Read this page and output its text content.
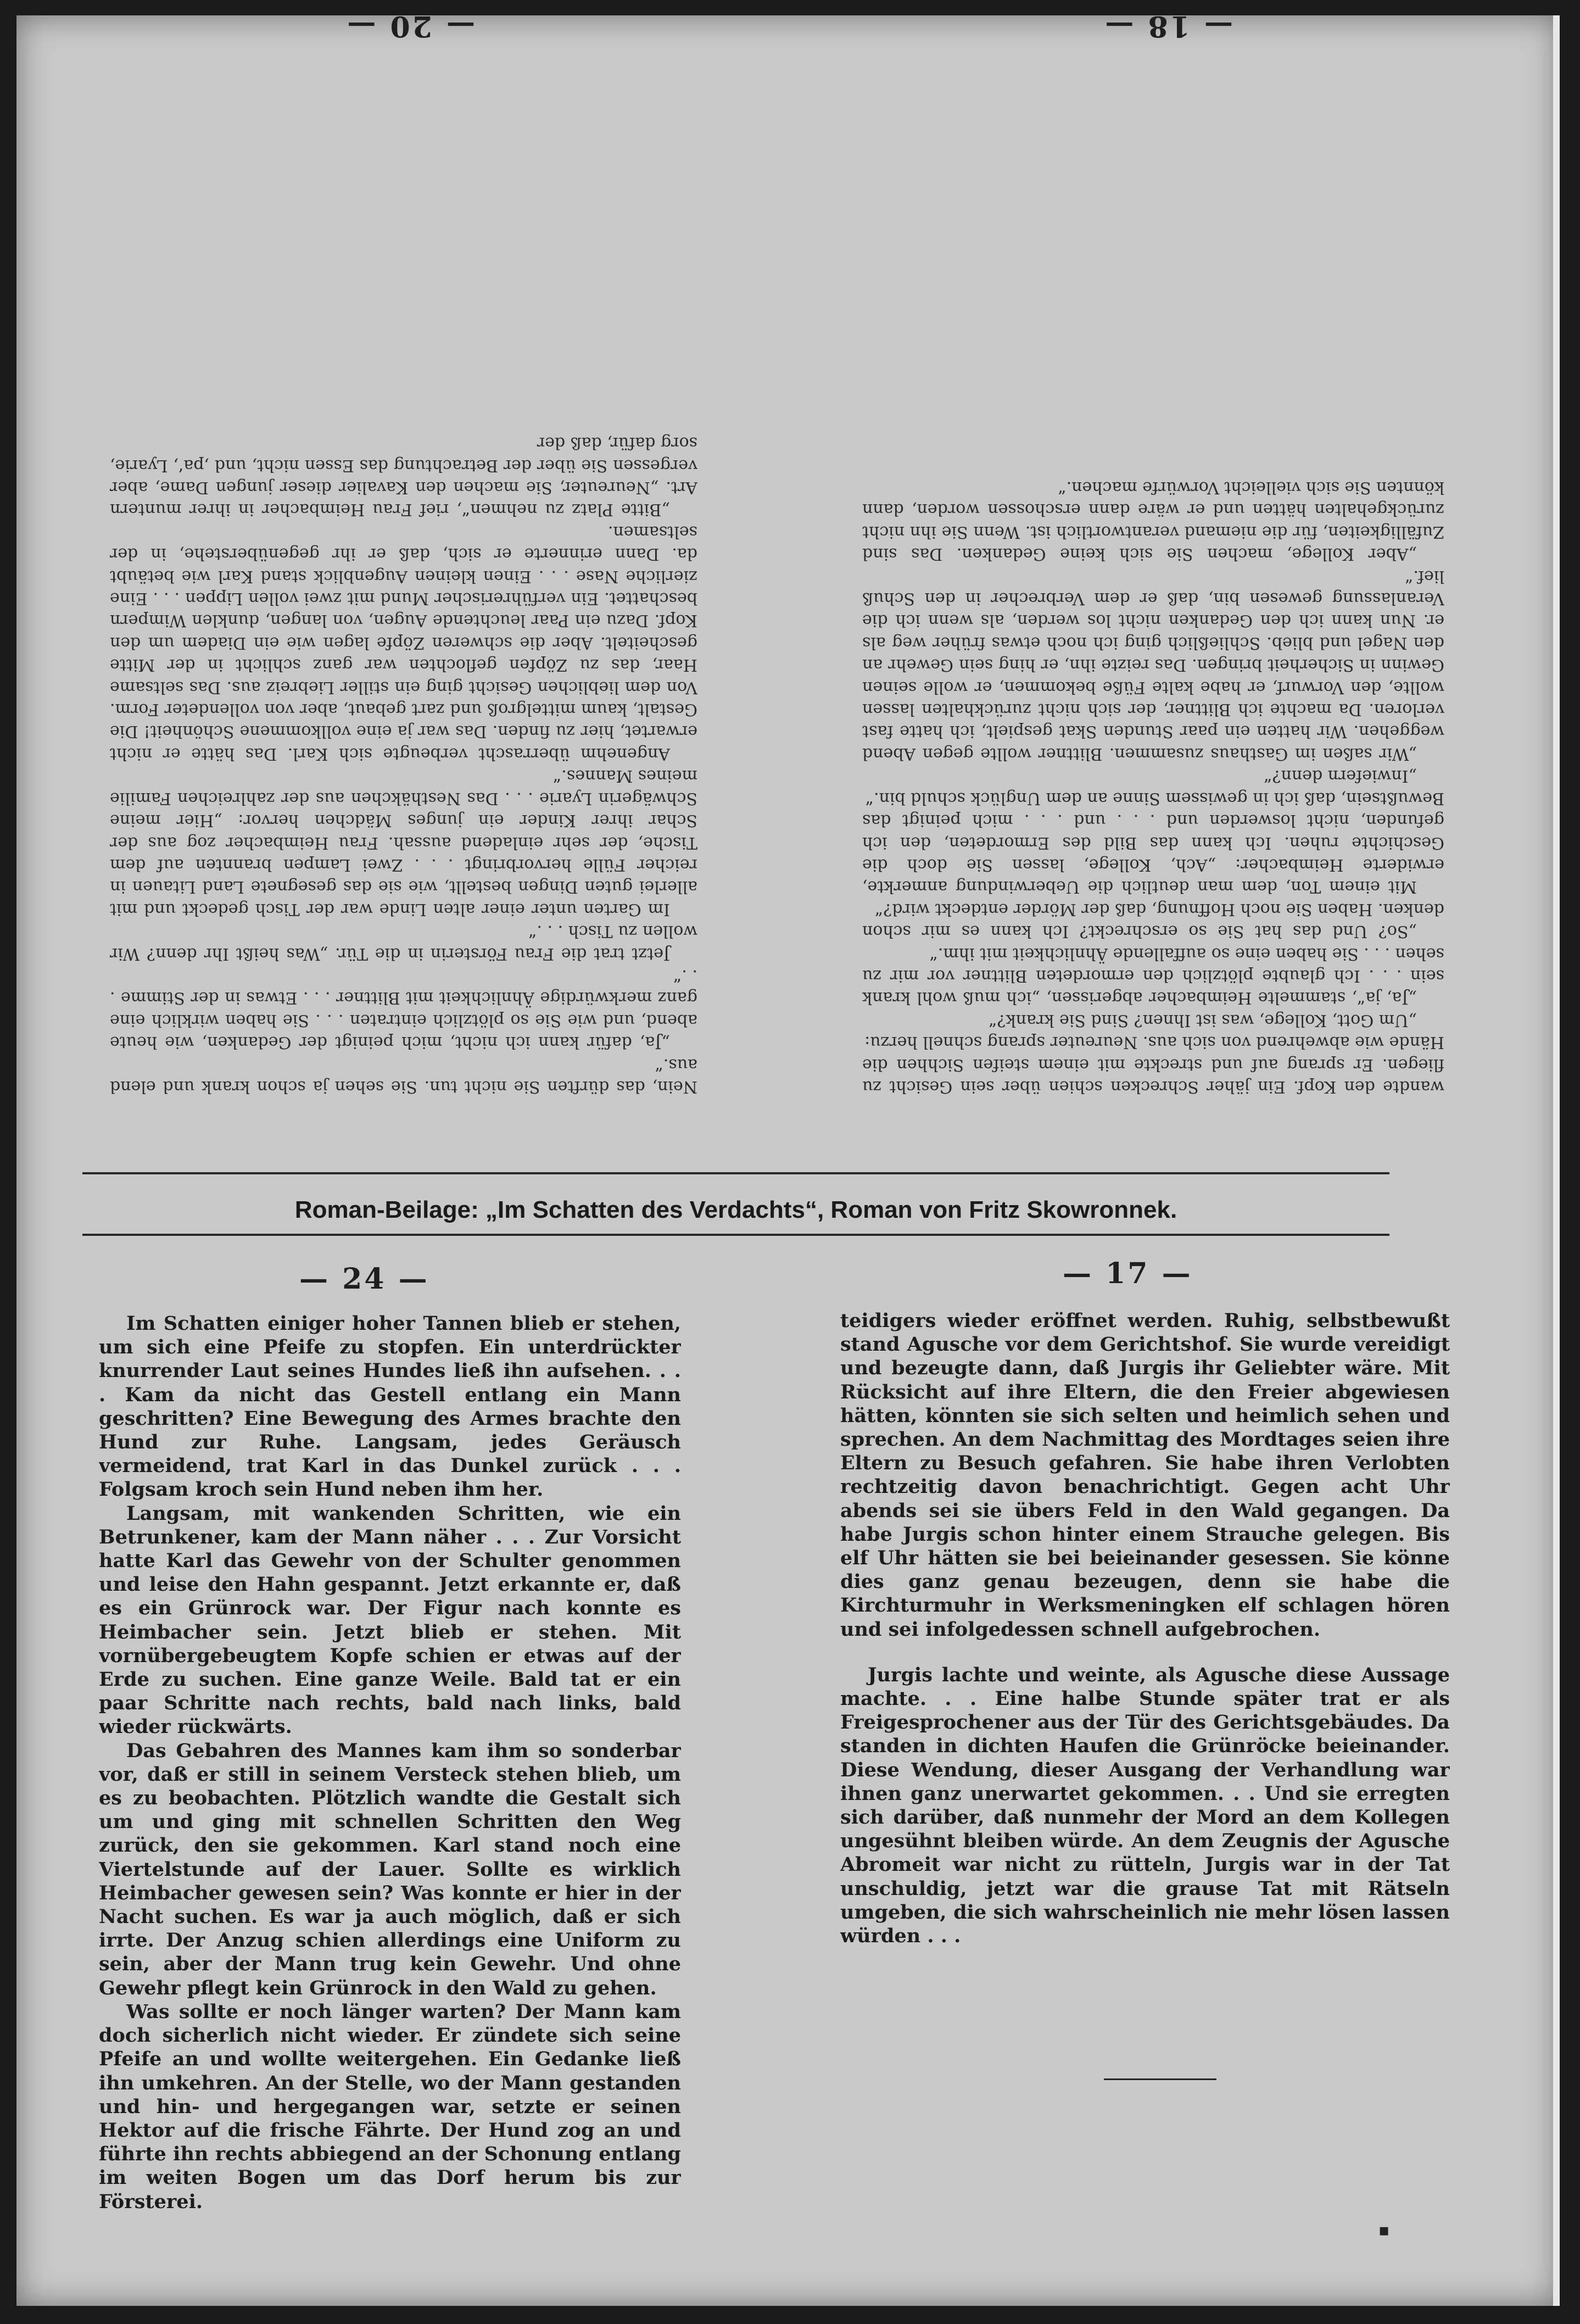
— 18 —
— 20 —

wandte den Kopf. Ein jäher Schrecken schien über sein Gesicht zu fliegen. Er sprang auf und streckte mit einem steifen Sichhen die Hände wie abwehrend von sich aus. Neureuter sprang schnell herzu:

„Um Gott, Kollege, was ist Ihnen? Sind Sie krank?“

„Ja, ja“, stammelte Heimbacher abgerissen, „ich muß wohl krank sein . . . Ich glaubte plötzlich den ermordeten Blittner vor mir zu sehen . . . Sie haben eine so auffallende Ähnlichkeit mit ihm.“

„So? Und das hat Sie so erschreckt? Ich kann es mir schon denken. Haben Sie noch Hoffnung, daß der Mörder entdeckt wird?“

Mit einem Ton, dem man deutlich die Ueberwindung anmerkte, erwiderte Heimbacher: „Ach, Kollege, lassen Sie doch die Geschichte ruhen. Ich kann das Bild des Ermordeten, den ich gefunden, nicht loswerden und . . . und . . . mich peinigt das Bewußtsein, daß ich in gewissem Sinne an dem Unglück schuld bin.“

„Inwiefern denn?“

„Wir saßen im Gasthaus zusammen. Blittner wollte gegen Abend weggehen. Wir hatten ein paar Stunden Skat gespielt, ich hatte fast verloren. Da machte ich Blittner, der sich nicht zurückhalten lassen wollte, den Vorwurf, er habe kalte Füße bekommen, er wolle seinen Gewinn in Sicherheit bringen. Das reizte ihn, er hing sein Gewehr an den Nagel und blieb. Schließlich ging ich noch etwas früher weg als er. Nun kann ich den Gedanken nicht los werden, als wenn ich die Veranlassung gewesen bin, daß er dem Verbrecher in den Schuß lief.“

„Aber Kollege, machen Sie sich keine Gedanken. Das sind Zufälligkeiten, für die niemand verantwortlich ist. Wenn Sie ihn nicht zurückgehalten hätten und er wäre dann erschossen worden, dann könnten Sie sich vielleicht Vorwürfe machen.“

Nein, das dürften Sie nicht tun. Sie sehen ja schon krank und elend aus.“

„Ja, dafür kann ich nicht, mich peinigt der Gedanken, wie heute abend, und wie Sie so plötzlich eintraten . . . Sie haben wirklich eine ganz merkwürdige Ähnlichkeit mit Blittner . . . Etwas in der Stimme . . .“

Jetzt trat die Frau Försterin in die Tür. „Was heißt Ihr denn? Wir wollen zu Tisch . . .“

Im Garten unter einer alten Linde war der Tisch gedeckt und mit allerlei guten Dingen bestellt, wie sie das gesegnete Land Litauen in reicher Fülle hervorbringt . . . Zwei Lampen brannten auf dem Tische, der sehr einladend aussah. Frau Heimbacher zog aus der Schar ihrer Kinder ein junges Mädchen hervor: „Hier meine Schwägerin Lyarie . . . Das Nesthäkchen aus der zahlreichen Familie meines Mannes.“

Angenehm überrascht verbeugte sich Karl. Das hätte er nicht erwartet, hier zu finden. Das war ja eine vollkommene Schönheit! Die Gestalt, kaum mittelgroß und zart gebaut, aber von vollendeter Form. Von dem lieblichen Gesicht ging ein stiller Liebreiz aus. Das seltsame Haar, das zu Zöpfen geflochten war ganz schlicht in der Mitte gescheitelt. Aber die schweren Zöpfe lagen wie ein Diadem um den Kopf. Dazu ein Paar leuchtende Augen, von langen, dunklen Wimpern beschattet. Ein verführerischer Mund mit zwei vollen Lippen . . . Eine zierliche Nase . . . Einen kleinen Augenblick stand Karl wie betäubt da. Dann erinnerte er sich, daß er ihr gegenüberstehe, in der seltsamen.

„Bitte Platz zu nehmen“, rief Frau Heimbacher in ihrer muntern Art. „Neureuter, Sie machen den Kavalier dieser jungen Dame, aber vergessen Sie über der Betrachtung das Essen nicht, und ‚pa‘, Lyarie, sorg dafür, daß der

Roman-Beilage: „Im Schatten des Verdachts“, Roman von Fritz Skowronnek.
— 24 —	— 17 —

Im Schatten einiger hoher Tannen blieb er stehen, um sich eine Pfeife zu stopfen. Ein unterdrückter knurrender Laut seines Hundes ließ ihn aufsehen. . . . Kam da nicht das Gestell entlang ein Mann geschritten? Eine Bewegung des Armes brachte den Hund zur Ruhe. Langsam, jedes Geräusch vermeidend, trat Karl in das Dunkel zurück . . . Folgsam kroch sein Hund neben ihm her.

Langsam, mit wankenden Schritten, wie ein Betrunkener, kam der Mann näher . . . Zur Vorsicht hatte Karl das Gewehr von der Schulter genommen und leise den Hahn gespannt. Jetzt erkannte er, daß es ein Grünrock war. Der Figur nach konnte es Heimbacher sein. Jetzt blieb er stehen. Mit vornübergebeugtem Kopfe schien er etwas auf der Erde zu suchen. Eine ganze Weile. Bald tat er ein paar Schritte nach rechts, bald nach links, bald wieder rückwärts.

Das Gebahren des Mannes kam ihm so sonderbar vor, daß er still in seinem Versteck stehen blieb, um es zu beobachten. Plötzlich wandte die Gestalt sich um und ging mit schnellen Schritten den Weg zurück, den sie gekommen. Karl stand noch eine Viertelstunde auf der Lauer. Sollte es wirklich Heimbacher gewesen sein? Was konnte er hier in der Nacht suchen. Es war ja auch möglich, daß er sich irrte. Der Anzug schien allerdings eine Uniform zu sein, aber der Mann trug kein Gewehr. Und ohne Gewehr pflegt kein Grünrock in den Wald zu gehen.

Was sollte er noch länger warten? Der Mann kam doch sicherlich nicht wieder. Er zündete sich seine Pfeife an und wollte weitergehen. Ein Gedanke ließ ihn umkehren. An der Stelle, wo der Mann gestanden und hin- und hergegangen war, setzte er seinen Hektor auf die frische Fährte. Der Hund zog an und führte ihn rechts abbiegend an der Schonung entlang im weiten Bogen um das Dorf herum bis zur Försterei.

teidigers wieder eröffnet werden. Ruhig, selbstbewußt stand Aguschе vor dem Gerichtshof. Sie wurde vereidigt und bezeugte dann, daß Jurgis ihr Geliebter wäre. Mit Rücksicht auf ihre Eltern, die den Freier abgewiesen hätten, könnten sie sich selten und heimlich sehen und sprechen. An dem Nachmittag des Mordtages seien ihre Eltern zu Besuch gefahren. Sie habe ihren Verlobten rechtzeitig davon benachrichtigt. Gegen acht Uhr abends sei sie übers Feld in den Wald gegangen. Da habe Jurgis schon hinter einem Strauche gelegen. Bis elf Uhr hätten sie bei beieinander gesessen. Sie könne dies ganz genau bezeugen, denn sie habe die Kirchturmuhr in Werksmeningken elf schlagen hören und sei infolgedessen schnell aufgebrochen.

Jurgis lachte und weinte, als Agusche diese Aussage machte. . . Eine halbe Stunde später trat er als Freigesprochener aus der Tür des Gerichtsgebäudes. Da standen in dichten Haufen die Grünröcke beieinander. Diese Wendung, dieser Ausgang der Verhandlung war ihnen ganz unerwartet gekommen. . . Und sie erregten sich darüber, daß nunmehr der Mord an dem Kollegen ungesühnt bleiben würde. An dem Zeugnis der Agusche Abromeit war nicht zu rütteln, Jurgis war in der Tat unschuldig, jetzt war die grause Tat mit Rätseln umgeben, die sich wahrscheinlich nie mehr lösen lassen würden . . .

▪
